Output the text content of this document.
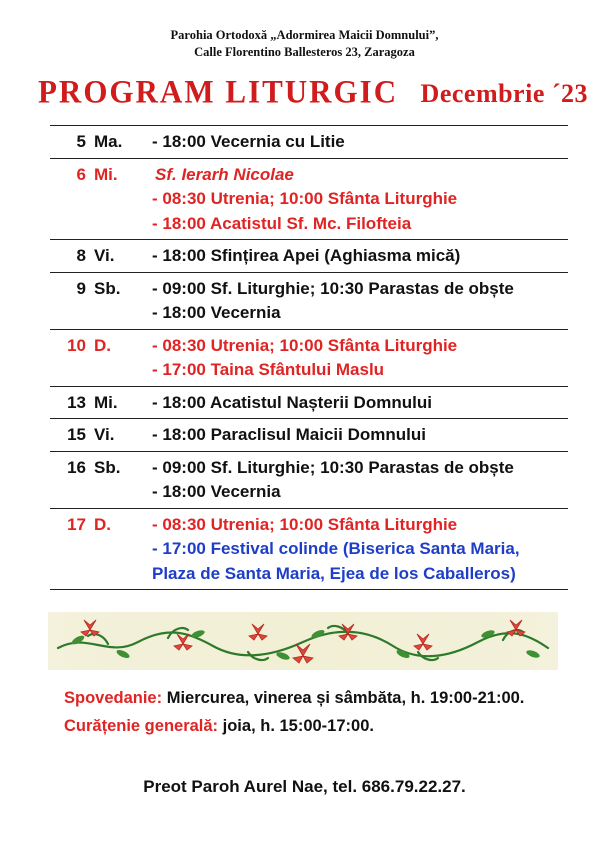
Parohia Ortodoxă „Adormirea Maicii Domnului”,
Calle Florentino Ballesteros 23, Zaragoza
PROGRAM LITURGIC Decembrie ´23
5 Ma. - 18:00 Vecernia cu Litie
6 Mi. Sf. Ierarh Nicolae
- 08:30 Utrenia; 10:00 Sfânta Liturghie
- 18:00 Acatistul Sf. Mc. Filofteia
8 Vi. - 18:00 Sfințirea Apei (Aghiasma mică)
9 Sb. - 09:00 Sf. Liturghie; 10:30 Parastas de obște
- 18:00 Vecernia
10 D. - 08:30 Utrenia; 10:00 Sfânta Liturghie
- 17:00 Taina Sfântului Maslu
13 Mi. - 18:00 Acatistul Nașterii Domnului
15 Vi. - 18:00 Paraclisul Maicii Domnului
16 Sb. - 09:00 Sf. Liturghie; 10:30 Parastas de obște
- 18:00 Vecernia
17 D. - 08:30 Utrenia; 10:00 Sfânta Liturghie
- 17:00 Festival colinde (Biserica Santa Maria,
Plaza de Santa Maria, Ejea de los Caballeros)
Spovedanie: Miercurea, vinerea și sâmbăta, h. 19:00-21:00.
Curățenie generală: joia, h. 15:00-17:00.
Preot Paroh Aurel Nae, tel. 686.79.22.27.
